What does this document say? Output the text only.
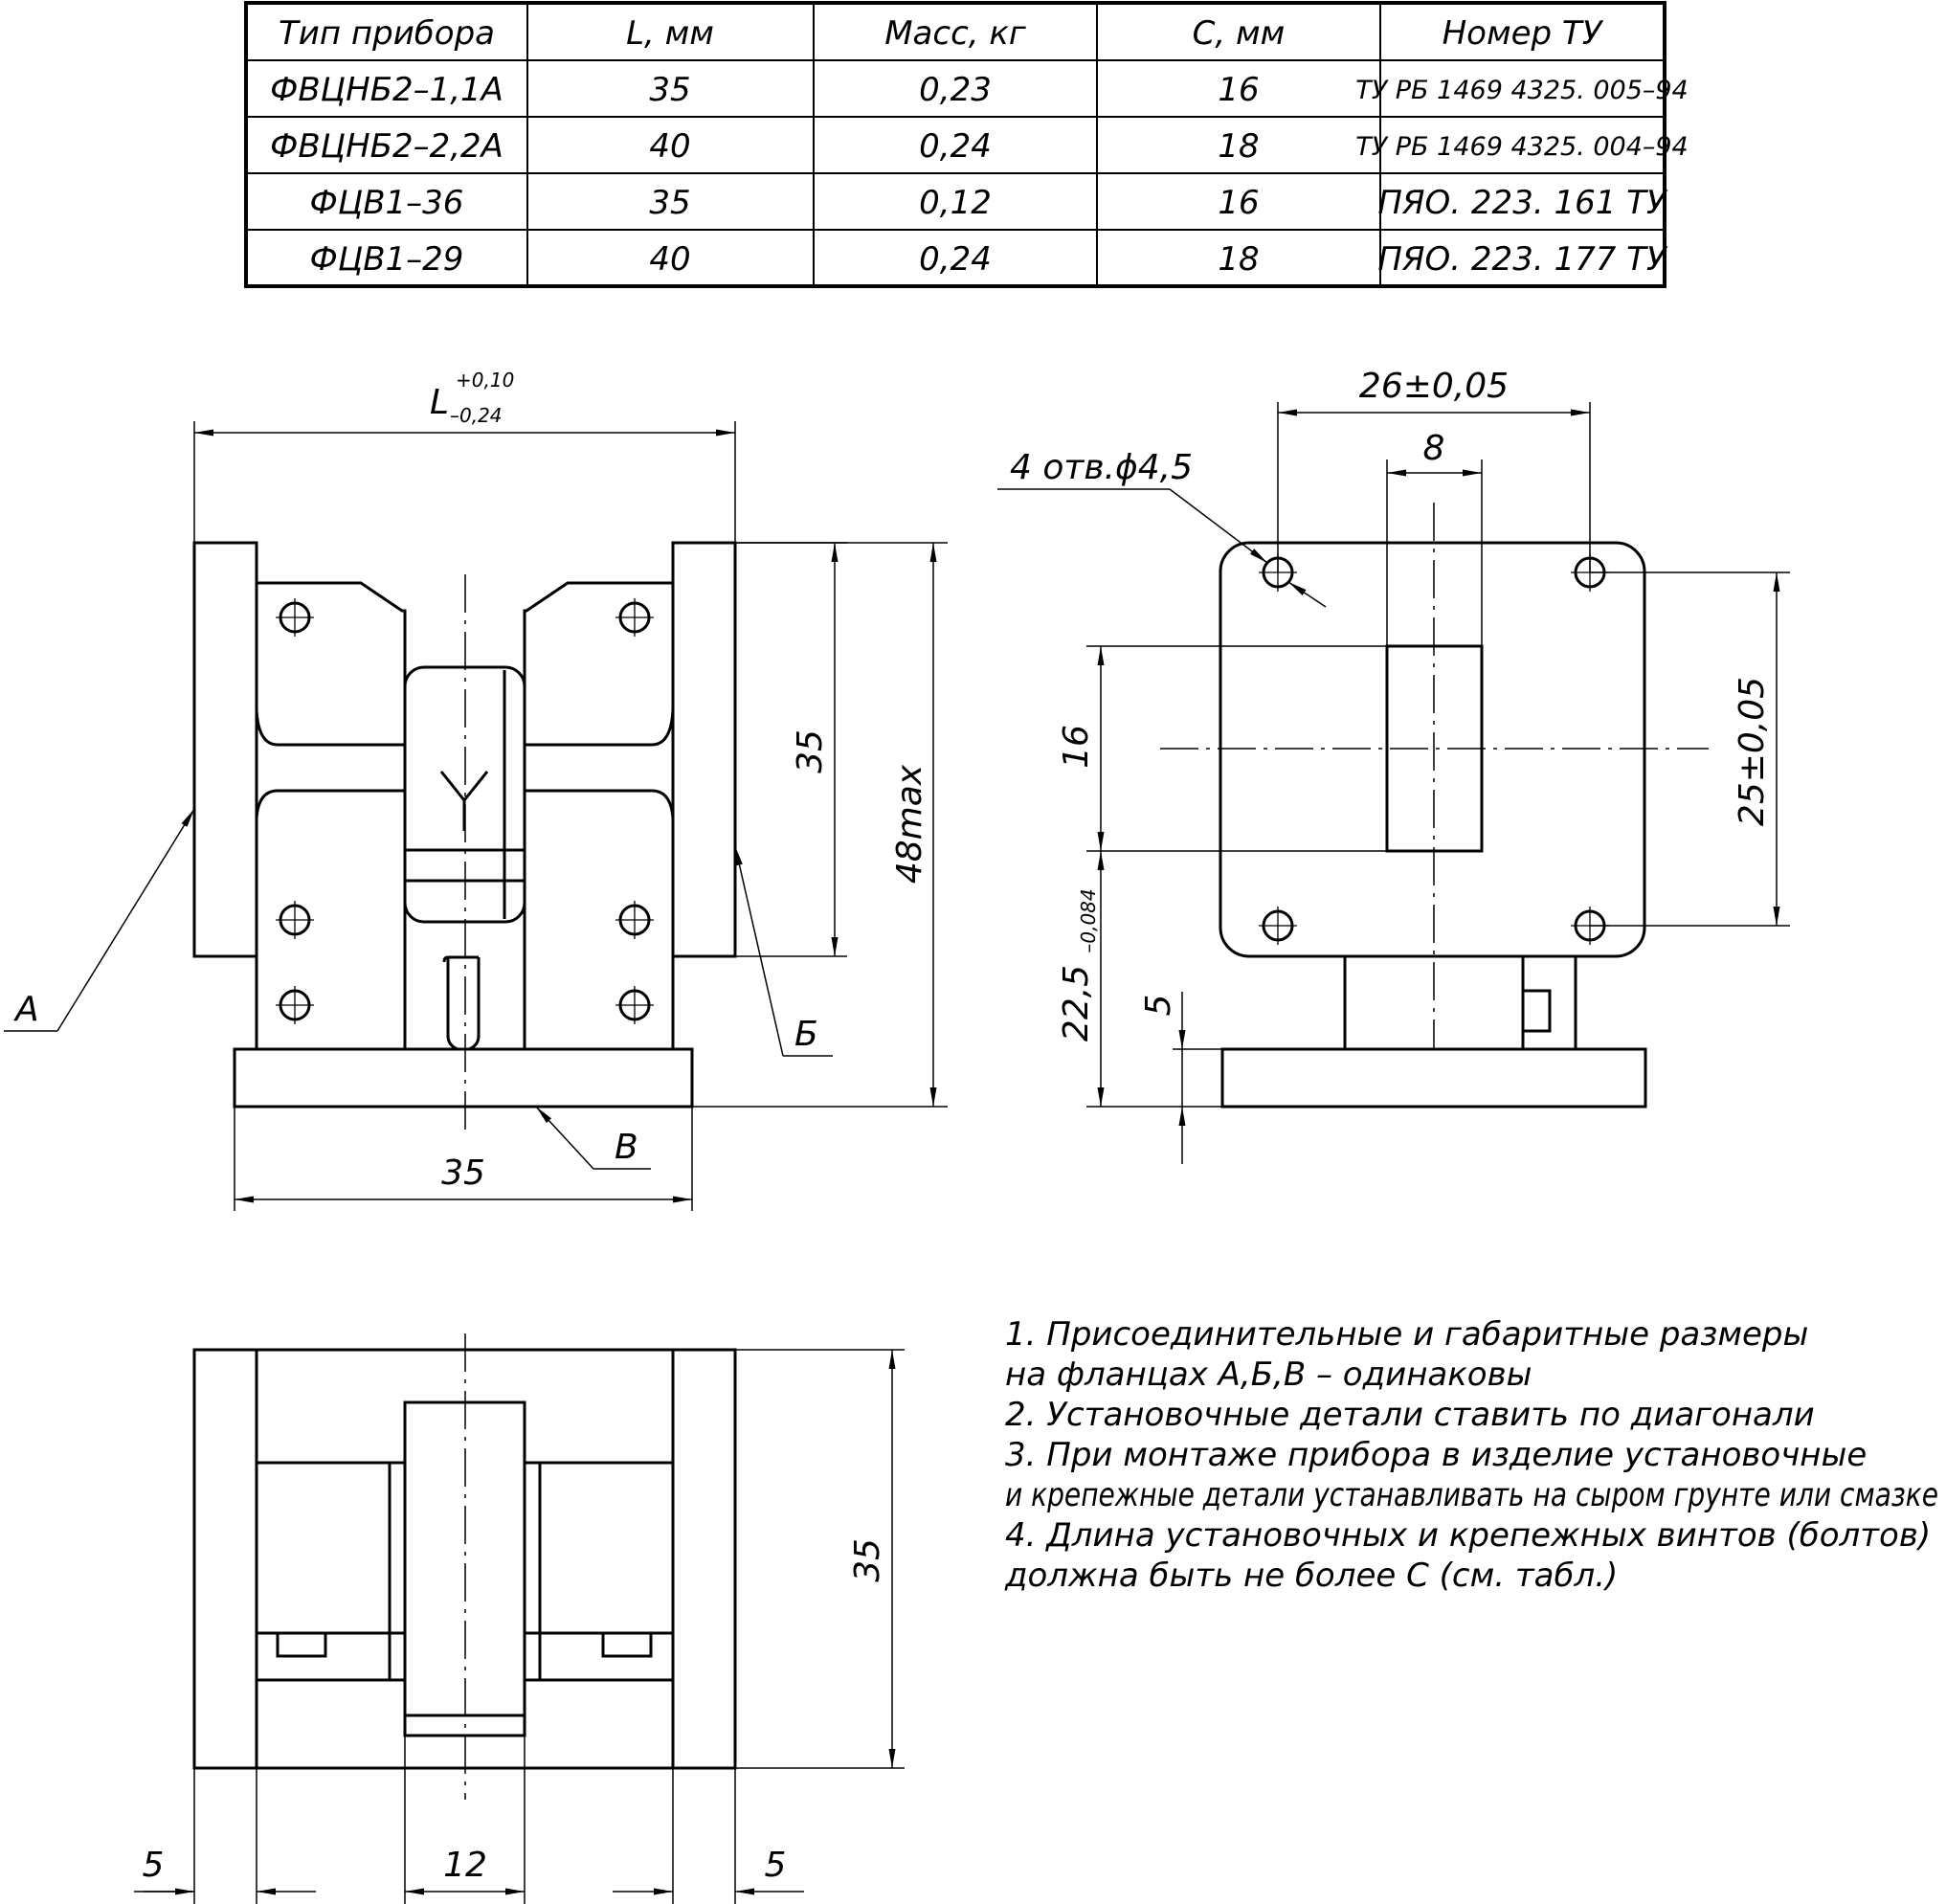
Тип прибора	L, мм	Масс, кг	С, мм	Номер ТУ
ФВЦНБ2–1,1А	35	0,23	16	ТУ РБ 1469 4325. 005–94
ФВЦНБ2–2,2А	40	0,24	18	ТУ РБ 1469 4325. 004–94
ФЦВ1–36	35	0,12	16	ПЯО. 223. 161 ТУ
ФЦВ1–29	40	0,24	18	ПЯО. 223. 177 ТУ
L
+0,10
–0,24
35
48max
35
А
Б
В
26±0,05
8
4 отв.ϕ4,5
16	25±0,05
22,5
–0,084
5
35
5	12	5
1. Присоединительные и габаритные размеры
на фланцах А,Б,В – одинаковы
2. Установочные детали ставить по диагонали
3. При монтаже прибора в изделие установочные
и крепежные детали устанавливать на сыром грунте или смазке
4. Длина установочных и крепежных винтов (болтов)
должна быть не более С (см. табл.)
